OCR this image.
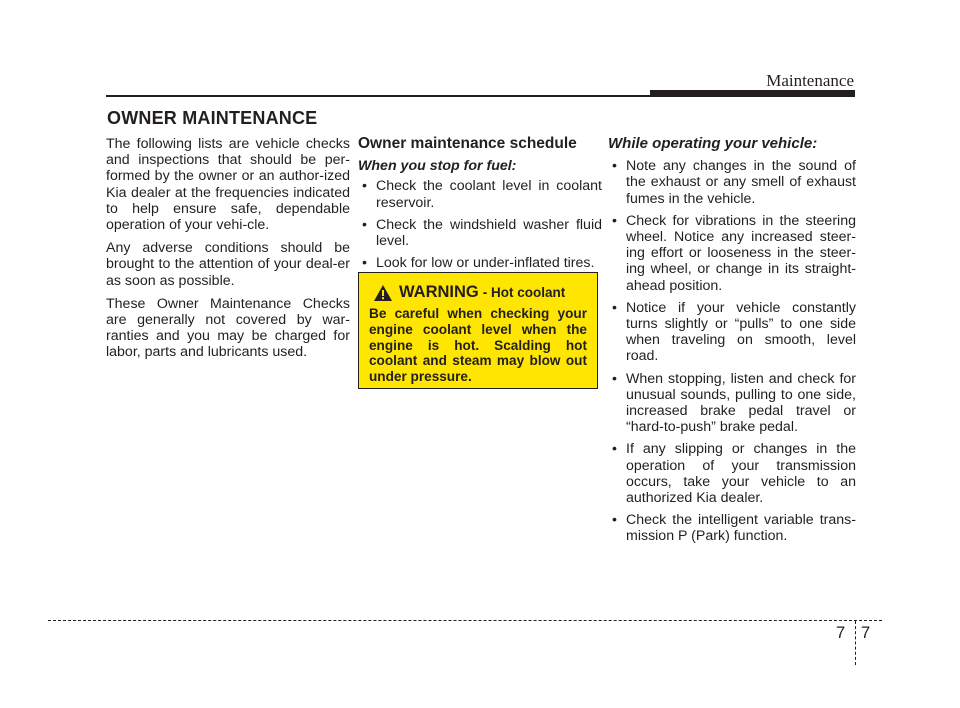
Maintenance
OWNER MAINTENANCE

The following lists are vehicle checks and inspections that should be per-formed by the owner or an author-ized Kia dealer at the frequencies indicated to help ensure safe, dependable operation of your vehi-cle.

Any adverse conditions should be brought to the attention of your deal-er as soon as possible.

These Owner Maintenance Checks are generally not covered by war-ranties and you may be charged for labor, parts and lubricants used.

Owner maintenance schedule
When you stop for fuel:
• Check the coolant level in coolant reservoir.
• Check the windshield washer fluid level.
• Look for low or under-inflated tires.
WARNING - Hot coolant

Be careful when checking your engine coolant level when the engine is hot. Scalding hot coolant and steam may blow out under pressure.

While operating your vehicle:
• Note any changes in the sound of the exhaust or any smell of exhaust fumes in the vehicle.
• Check for vibrations in the steering wheel. Notice any increased steer-ing effort or looseness in the steer-ing wheel, or change in its straight-ahead position.
• Notice if your vehicle constantly turns slightly or “pulls” to one side when traveling on smooth, level road.
• When stopping, listen and check for unusual sounds, pulling to one side, increased brake pedal travel or “hard-to-push” brake pedal.
• If any slipping or changes in the operation of your transmission occurs, take your vehicle to an authorized Kia dealer.
• Check the intelligent variable trans-mission P (Park) function.
7 7
